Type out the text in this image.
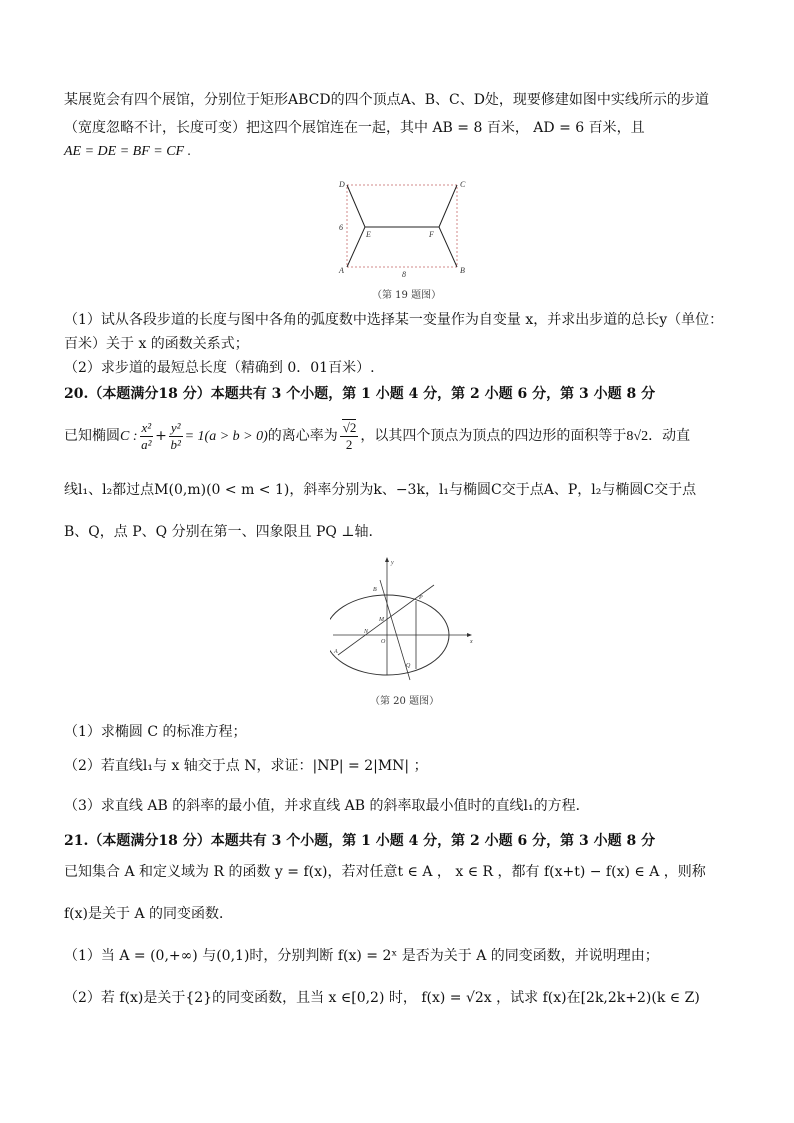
某展览会有四个展馆，分别位于矩形ABCD的四个顶点A、B、C、D处，现要修建如图中实线所示的步道
（宽度忽略不计，长度可变）把这四个展馆连在一起，其中 AB = 8 百米， AD = 6 百米，且
AE = DE = BF = CF .
D	C
A	B
E	F
6
8
（第 19 题图）
（1）试从各段步道的长度与图中各角的弧度数中选择某一变量作为自变量 x，并求出步道的总长y（单位：
百米）关于 x 的函数关系式；
（2）求步道的最短总长度（精确到 0．01百米）.
20.（本题满分18 分）本题共有 3 个小题，第 1 小题 4 分，第 2 小题 6 分，第 3 小题 8 分
已知椭圆C : $\frac{\text{x²}}{\text{a²}} + \frac{\text{y²}}{\text{b²}} = 1(a > b > 0)$的离心率为 $\frac{√2}{2}$ ，以其四个顶点为顶点的四边形的面积等于8√2．动直
线l₁、l₂都过点M(0,m)(0 < m < 1)，斜率分别为k、−3k，l₁与椭圆C交于点A、P，l₂与椭圆C交于点
B、Q，点 P、Q 分别在第一、四象限且 PQ ⊥轴.
y
x
O
A
B
P
Q
M
N
（第 20 题图）
（1）求椭圆 C 的标准方程；
（2）若直线l₁与 x 轴交于点 N，求证：|NP| = 2|MN| ；
（3）求直线 AB 的斜率的最小值，并求直线 AB 的斜率取最小值时的直线l₁的方程．
21.（本题满分18 分）本题共有 3 个小题，第 1 小题 4 分，第 2 小题 6 分，第 3 小题 8 分
已知集合 A 和定义域为 R 的函数 y = f(x)，若对任意t ∈ A ， x ∈ R ，都有 f(x+t) − f(x) ∈ A ，则称
f(x)是关于 A 的同变函数．
（1）当 A = (0,+∞) 与(0,1)时，分别判断 f(x) = 2ˣ 是否为关于 A 的同变函数，并说明理由；
（2）若 f(x)是关于{2}的同变函数，且当 x ∈[0,2) 时， f(x) = √2x ，试求 f(x)在[2k,2k+2)(k ∈ Z)
